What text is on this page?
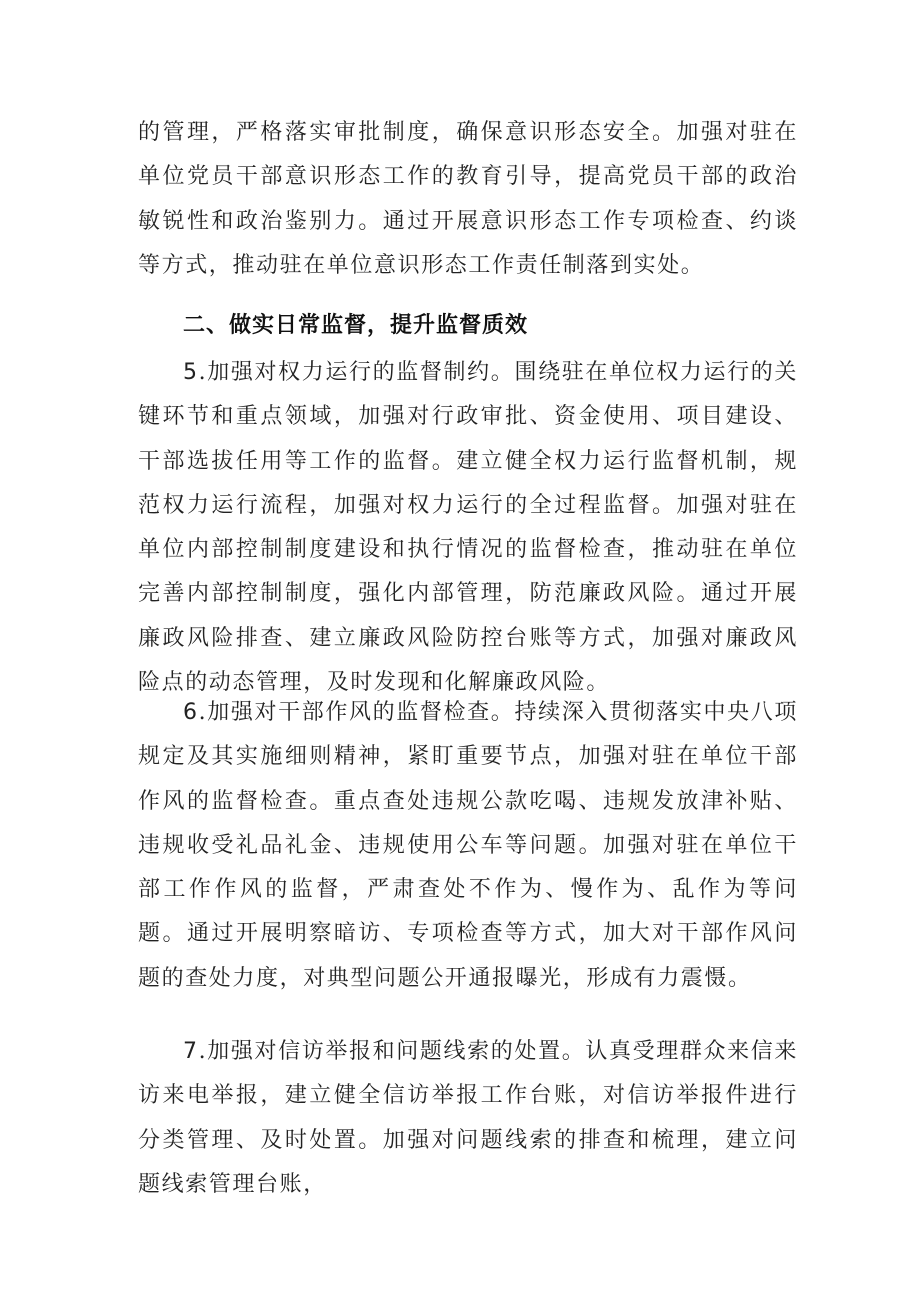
的管理，严格落实审批制度，确保意识形态安全。加强对驻在单位党员干部意识形态工作的教育引导，提高党员干部的政治敏锐性和政治鉴别力。通过开展意识形态工作专项检查、约谈等方式，推动驻在单位意识形态工作责任制落到实处。

二、做实日常监督，提升监督质效

5.加强对权力运行的监督制约。围绕驻在单位权力运行的关键环节和重点领域，加强对行政审批、资金使用、项目建设、干部选拔任用等工作的监督。建立健全权力运行监督机制，规范权力运行流程，加强对权力运行的全过程监督。加强对驻在单位内部控制制度建设和执行情况的监督检查，推动驻在单位完善内部控制制度，强化内部管理，防范廉政风险。通过开展廉政风险排查、建立廉政风险防控台账等方式，加强对廉政风险点的动态管理，及时发现和化解廉政风险。

6.加强对干部作风的监督检查。持续深入贯彻落实中央八项规定及其实施细则精神，紧盯重要节点，加强对驻在单位干部作风的监督检查。重点查处违规公款吃喝、违规发放津补贴、违规收受礼品礼金、违规使用公车等问题。加强对驻在单位干部工作作风的监督，严肃查处不作为、慢作为、乱作为等问题。通过开展明察暗访、专项检查等方式，加大对干部作风问题的查处力度，对典型问题公开通报曝光，形成有力震慑。

7.加强对信访举报和问题线索的处置。认真受理群众来信来访来电举报，建立健全信访举报工作台账，对信访举报件进行分类管理、及时处置。加强对问题线索的排查和梳理，建立问题线索管理台账，
